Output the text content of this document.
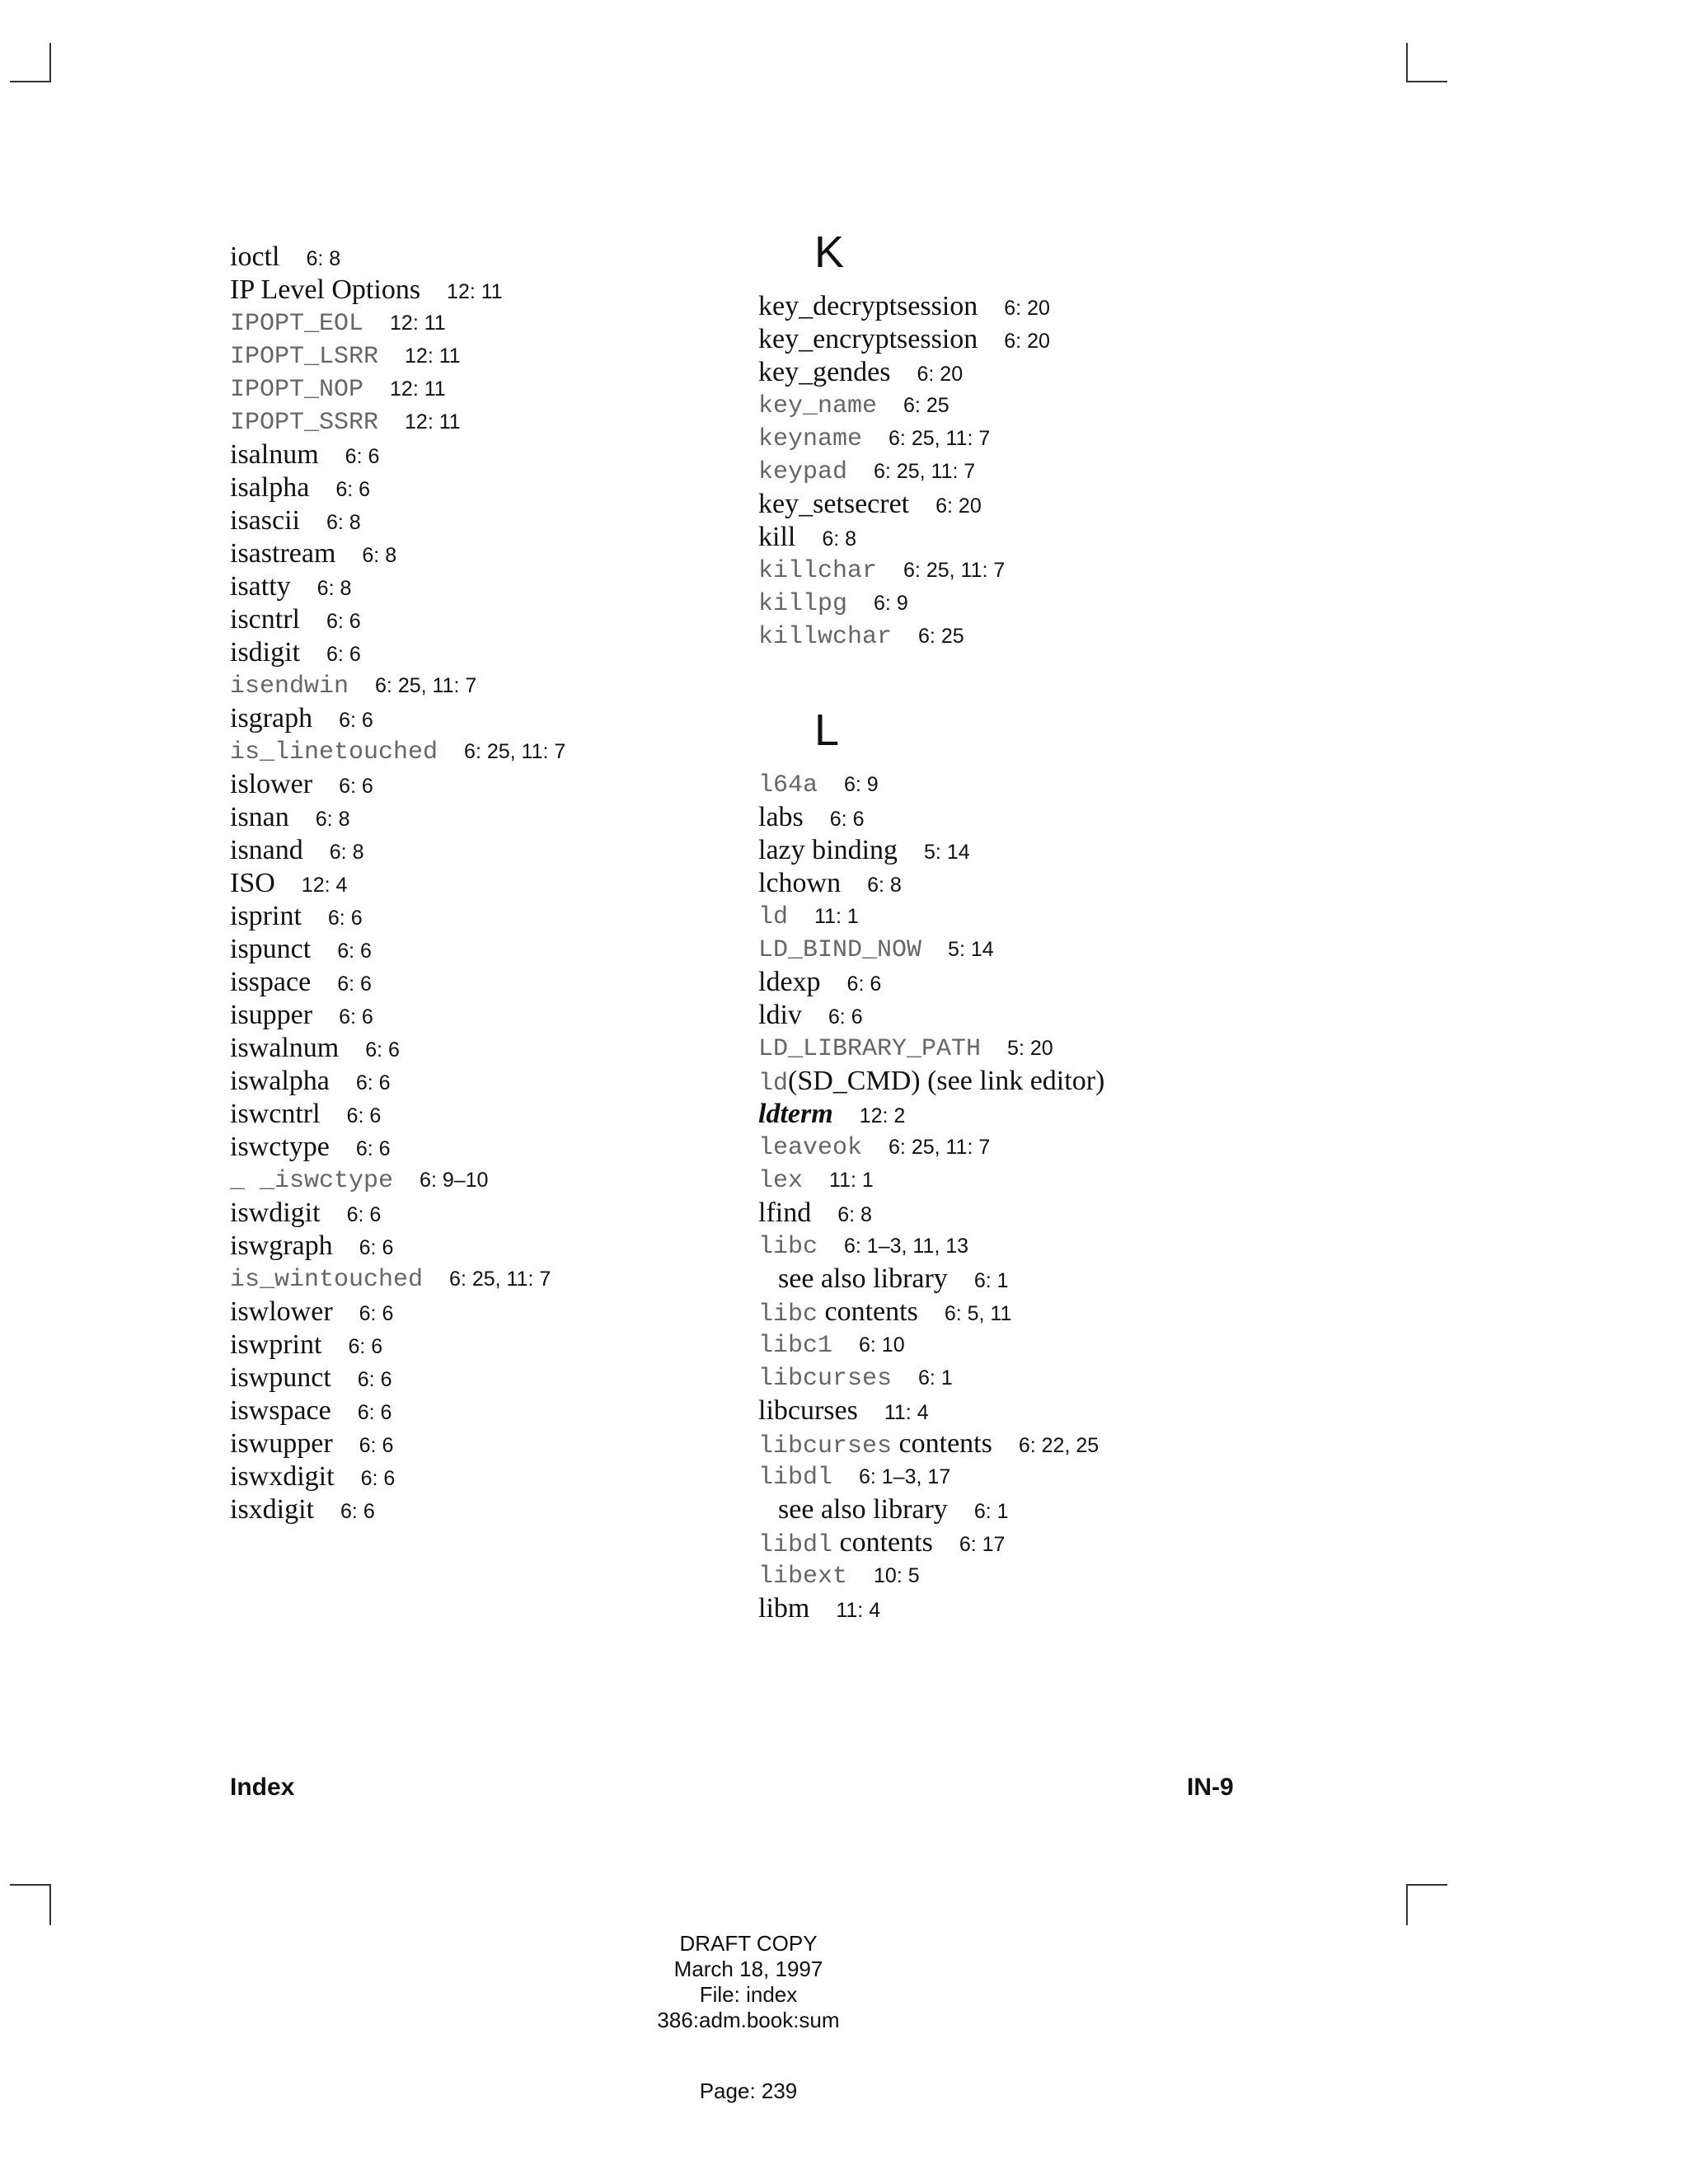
ioctl 6: 8
IP Level Options 12: 11
IPOPT_EOL 12: 11
IPOPT_LSRR 12: 11
IPOPT_NOP 12: 11
IPOPT_SSRR 12: 11
isalnum 6: 6
isalpha 6: 6
isascii 6: 8
isastream 6: 8
isatty 6: 8
iscntrl 6: 6
isdigit 6: 6
isendwin 6: 25, 11: 7
isgraph 6: 6
is_linetouched 6: 25, 11: 7
islower 6: 6
isnan 6: 8
isnand 6: 8
ISO 12: 4
isprint 6: 6
ispunct 6: 6
isspace 6: 6
isupper 6: 6
iswalnum 6: 6
iswalpha 6: 6
iswcntrl 6: 6
iswctype 6: 6
_ _iswctype 6: 9–10
iswdigit 6: 6
iswgraph 6: 6
is_wintouched 6: 25, 11: 7
iswlower 6: 6
iswprint 6: 6
iswpunct 6: 6
iswspace 6: 6
iswupper 6: 6
iswxdigit 6: 6
isxdigit 6: 6
K
key_decryptsession 6: 20
key_encryptsession 6: 20
key_gendes 6: 20
key_name 6: 25
keyname 6: 25, 11: 7
keypad 6: 25, 11: 7
key_setsecret 6: 20
kill 6: 8
killchar 6: 25, 11: 7
killpg 6: 9
killwchar 6: 25
L
l64a 6: 9
labs 6: 6
lazy binding 5: 14
lchown 6: 8
ld 11: 1
LD_BIND_NOW 5: 14
ldexp 6: 6
ldiv 6: 6
LD_LIBRARY_PATH 5: 20
ld(SD_CMD) (see link editor)
ldterm 12: 2
leaveok 6: 25, 11: 7
lex 11: 1
lfind 6: 8
libc 6: 1–3, 11, 13
see also library 6: 1
libc contents 6: 5, 11
libc1 6: 10
libcurses 6: 1
libcurses 11: 4
libcurses contents 6: 22, 25
libdl 6: 1–3, 17
see also library 6: 1
libdl contents 6: 17
libext 10: 5
libm 11: 4
Index	IN-9
DRAFT COPY
March 18, 1997
File: index
386:adm.book:sum
Page: 239
